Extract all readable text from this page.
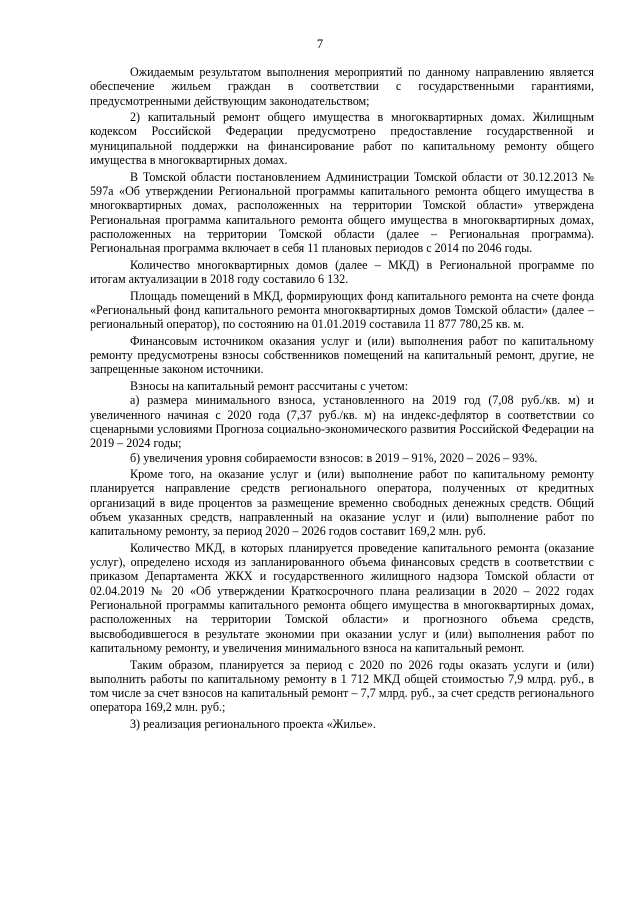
7

Ожидаемым результатом выполнения мероприятий по данному направлению является обеспечение жильем граждан в соответствии с государственными гарантиями, предусмотренными действующим законодательством;

2) капитальный ремонт общего имущества в многоквартирных домах. Жилищным кодексом Российской Федерации предусмотрено предоставление государственной и муниципальной поддержки на финансирование работ по капитальному ремонту общего имущества в многоквартирных домах.

В Томской области постановлением Администрации Томской области от 30.12.2013 № 597а «Об утверждении Региональной программы капитального ремонта общего имущества в многоквартирных домах, расположенных на территории Томской области» утверждена Региональная программа капитального ремонта общего имущества в многоквартирных домах, расположенных на территории Томской области (далее – Региональная программа). Региональная программа включает в себя 11 плановых периодов с 2014 по 2046 годы.

Количество многоквартирных домов (далее – МКД) в Региональной программе по итогам актуализации в 2018 году составило 6 132.

Площадь помещений в МКД, формирующих фонд капитального ремонта на счете фонда «Региональный фонд капитального ремонта многоквартирных домов Томской области» (далее – региональный оператор), по состоянию на 01.01.2019 составила 11 877 780,25 кв. м.

Финансовым источником оказания услуг и (или) выполнения работ по капитальному ремонту предусмотрены взносы собственников помещений на капитальный ремонт, другие, не запрещенные законом источники.

Взносы на капитальный ремонт рассчитаны с учетом:

а) размера минимального взноса, установленного на 2019 год (7,08 руб./кв. м) и увеличенного начиная с 2020 года (7,37 руб./кв. м) на индекс-дефлятор в соответствии со сценарными условиями Прогноза социально-экономического развития Российской Федерации на 2019 – 2024 годы;

б) увеличения уровня собираемости взносов: в 2019 – 91%, 2020 – 2026 – 93%.

Кроме того, на оказание услуг и (или) выполнение работ по капитальному ремонту планируется направление средств регионального оператора, полученных от кредитных организаций в виде процентов за размещение временно свободных денежных средств. Общий объем указанных средств, направленный на оказание услуг и (или) выполнение работ по капитальному ремонту, за период 2020 – 2026 годов составит 169,2 млн. руб.

Количество МКД, в которых планируется проведение капитального ремонта (оказание услуг), определено исходя из запланированного объема финансовых средств в соответствии с приказом Департамента ЖКХ и государственного жилищного надзора Томской области от 02.04.2019 № 20 «Об утверждении Краткосрочного плана реализации в 2020 – 2022 годах Региональной программы капитального ремонта общего имущества в многоквартирных домах, расположенных на территории Томской области» и прогнозного объема средств, высвободившегося в результате экономии при оказании услуг и (или) выполнения работ по капитальному ремонту, и увеличения минимального взноса на капитальный ремонт.

Таким образом, планируется за период с 2020 по 2026 годы оказать услуги и (или) выполнить работы по капитальному ремонту в 1 712 МКД общей стоимостью 7,9 млрд. руб., в том числе за счет взносов на капитальный ремонт – 7,7 млрд. руб., за счет средств регионального оператора 169,2 млн. руб.;

3) реализация регионального проекта «Жилье».
